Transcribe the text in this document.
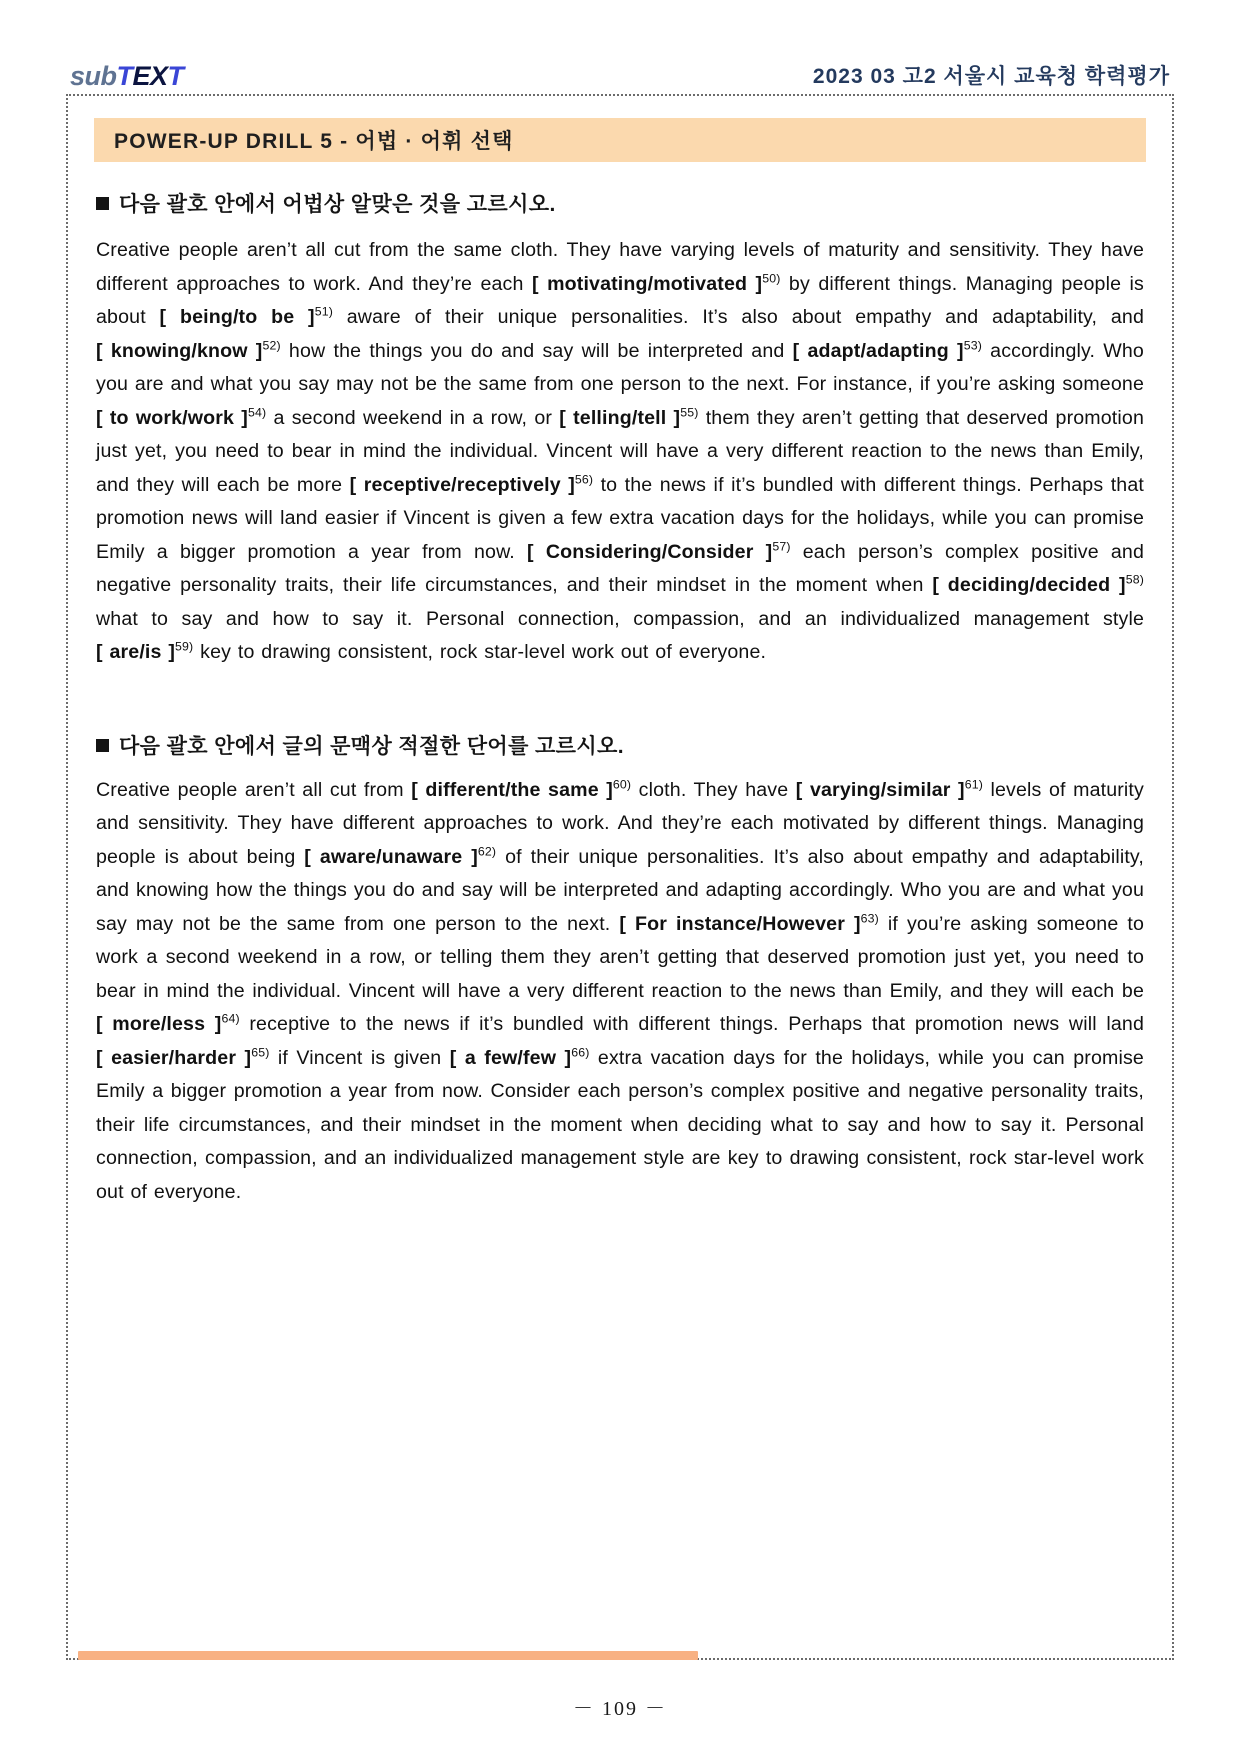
subTEXT	2023 03 고2 서울시 교육청 학력평가
POWER-UP DRILL 5 - 어법 · 어휘 선택
다음 괄호 안에서 어법상 알맞은 것을 고르시오.
Creative people aren’t all cut from the same cloth. They have varying levels of maturity and sensitivity. They have different approaches to work. And they’re each [ motivating/motivated ]$^{50)}$ by different things. Managing people is about [ being/to be ]$^{51)}$ aware of their unique personalities. It’s also about empathy and adaptability, and [ knowing/know ]$^{52)}$ how the things you do and say will be interpreted and [ adapt/adapting ]$^{53)}$ accordingly. Who you are and what you say may not be the same from one person to the next. For instance, if you’re asking someone [ to work/work ]$^{54)}$ a second weekend in a row, or [ telling/tell ]$^{55)}$ them they aren’t getting that deserved promotion just yet, you need to bear in mind the individual. Vincent will have a very different reaction to the news than Emily, and they will each be more [ receptive/receptively ]$^{56)}$ to the news if it’s bundled with different things. Perhaps that promotion news will land easier if Vincent is given a few extra vacation days for the holidays, while you can promise Emily a bigger promotion a year from now. [ Considering/Consider ]$^{57)}$ each person’s complex positive and negative personality traits, their life circumstances, and their mindset in the moment when [ deciding/decided ]$^{58)}$ what to say and how to say it. Personal connection, compassion, and an individualized management style [ are/is ]$^{59)}$ key to drawing consistent, rock star-level work out of everyone.
다음 괄호 안에서 글의 문맥상 적절한 단어를 고르시오.
Creative people aren’t all cut from [ different/the same ]$^{60)}$ cloth. They have [ varying/similar ]$^{61)}$ levels of maturity and sensitivity. They have different approaches to work. And they’re each motivated by different things. Managing people is about being [ aware/unaware ]$^{62)}$ of their unique personalities. It’s also about empathy and adaptability, and knowing how the things you do and say will be interpreted and adapting accordingly. Who you are and what you say may not be the same from one person to the next. [ For instance/However ]$^{63)}$ if you’re asking someone to work a second weekend in a row, or telling them they aren’t getting that deserved promotion just yet, you need to bear in mind the individual. Vincent will have a very different reaction to the news than Emily, and they will each be [ more/less ]$^{64)}$ receptive to the news if it’s bundled with different things. Perhaps that promotion news will land [ easier/harder ]$^{65)}$ if Vincent is given [ a few/few ]$^{66)}$ extra vacation days for the holidays, while you can promise Emily a bigger promotion a year from now. Consider each person’s complex positive and negative personality traits, their life circumstances, and their mindset in the moment when deciding what to say and how to say it. Personal connection, compassion, and an individualized management style are key to drawing consistent, rock star-level work out of everyone.
－ 109 －
